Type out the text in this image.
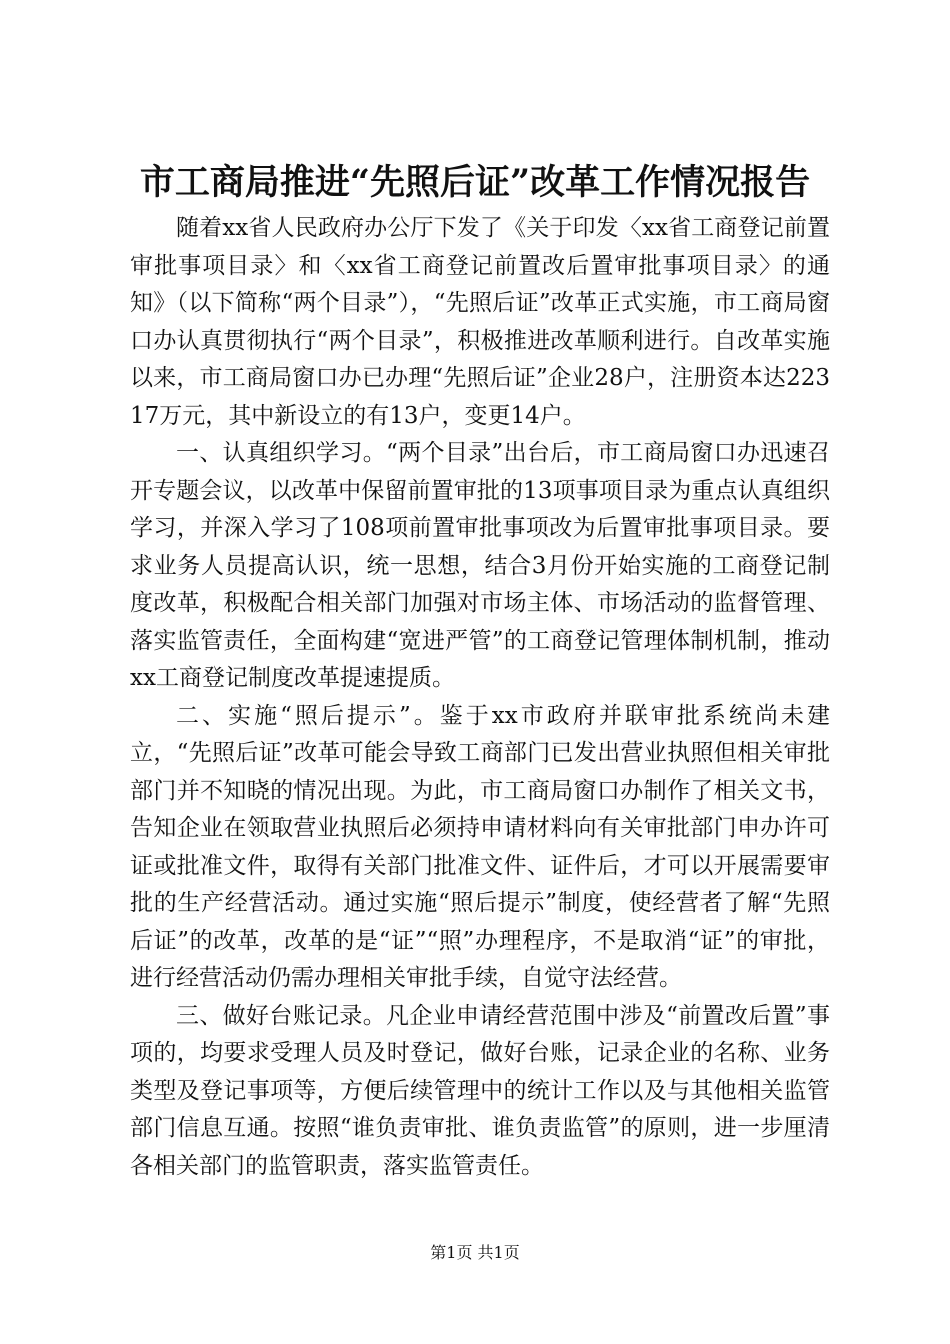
市工商局推进“先照后证”改革工作情况报告

随着xx省人民政府办公厅下发了《关于印发〈xx省工商登记前置审批事项目录〉和〈xx省工商登记前置改后置审批事项目录〉的通知》（以下简称“两个目录”），“先照后证”改革正式实施，市工商局窗口办认真贯彻执行“两个目录”，积极推进改革顺利进行。自改革实施以来，市工商局窗口办已办理“先照后证”企业28户，注册资本达22317万元，其中新设立的有13户，变更14户。

一、认真组织学习。“两个目录”出台后，市工商局窗口办迅速召开专题会议，以改革中保留前置审批的13项事项目录为重点认真组织学习，并深入学习了108项前置审批事项改为后置审批事项目录。要求业务人员提高认识，统一思想，结合3月份开始实施的工商登记制度改革，积极配合相关部门加强对市场主体、市场活动的监督管理、落实监管责任，全面构建“宽进严管”的工商登记管理体制机制，推动xx工商登记制度改革提速提质。

二、实施“照后提示”。鉴于xx市政府并联审批系统尚未建立，“先照后证”改革可能会导致工商部门已发出营业执照但相关审批部门并不知晓的情况出现。为此，市工商局窗口办制作了相关文书，告知企业在领取营业执照后必须持申请材料向有关审批部门申办许可证或批准文件，取得有关部门批准文件、证件后，才可以开展需要审批的生产经营活动。通过实施“照后提示”制度，使经营者了解“先照后证”的改革，改革的是“证”“照”办理程序，不是取消“证”的审批，进行经营活动仍需办理相关审批手续，自觉守法经营。

三、做好台账记录。凡企业申请经营范围中涉及“前置改后置”事项的，均要求受理人员及时登记，做好台账，记录企业的名称、业务类型及登记事项等，方便后续管理中的统计工作以及与其他相关监管部门信息互通。按照“谁负责审批、谁负责监管”的原则，进一步厘清各相关部门的监管职责，落实监管责任。

第1页 共1页
